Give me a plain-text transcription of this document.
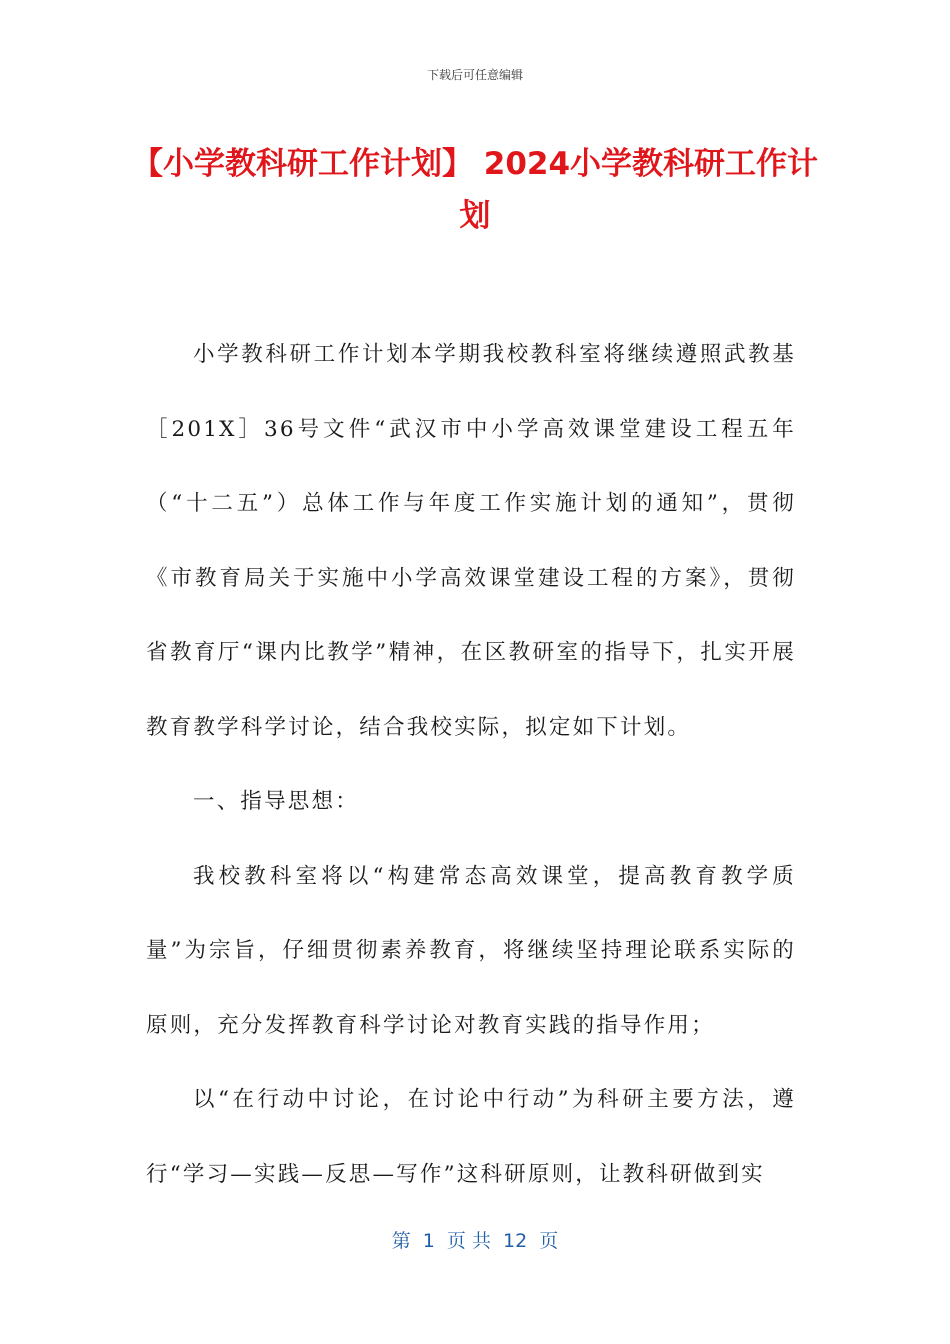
下载后可任意编辑
【小学教科研工作计划】 2024小学教科研工作计划

小学教科研工作计划本学期我校教科室将继续遵照武教基［201X］36号文件“武汉市中小学高效课堂建设工程五年（“十二五”）总体工作与年度工作实施计划的通知”，贯彻《市教育局关于实施中小学高效课堂建设工程的方案》，贯彻省教育厅“课内比教学”精神，在区教研室的指导下，扎实开展教育教学科学讨论，结合我校实际，拟定如下计划。

一、指导思想：

我校教科室将以“构建常态高效课堂，提高教育教学质量”为宗旨，仔细贯彻素养教育，将继续坚持理论联系实际的原则，充分发挥教育科学讨论对教育实践的指导作用；

以“在行动中讨论，在讨论中行动”为科研主要方法，遵行“学习—实践—反思—写作”这科研原则，让教科研做到实

第  1  页 共  12  页
